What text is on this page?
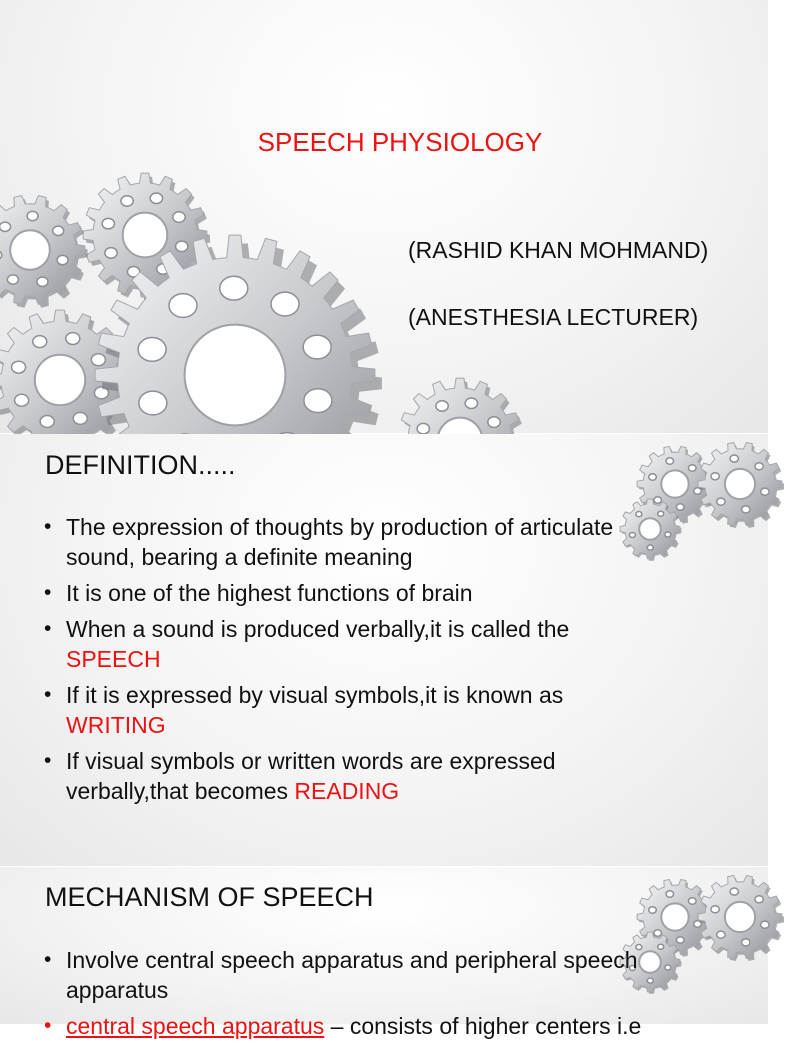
SPEECH PHYSIOLOGY
(RASHID KHAN MOHMAND)
(ANESTHESIA LECTURER)
DEFINITION.....
• The expression of thoughts by production of articulate sound, bearing a definite meaning
• It is one of the highest functions of brain
• When a sound is produced verbally,it is called the
SPEECH
• If it is expressed by visual symbols,it is known as
WRITING
• If visual symbols or written words are expressed verbally,that becomes READING
MECHANISM OF SPEECH
• Involve central speech apparatus and peripheral speech apparatus
• central speech apparatus – consists of higher centers i.e
